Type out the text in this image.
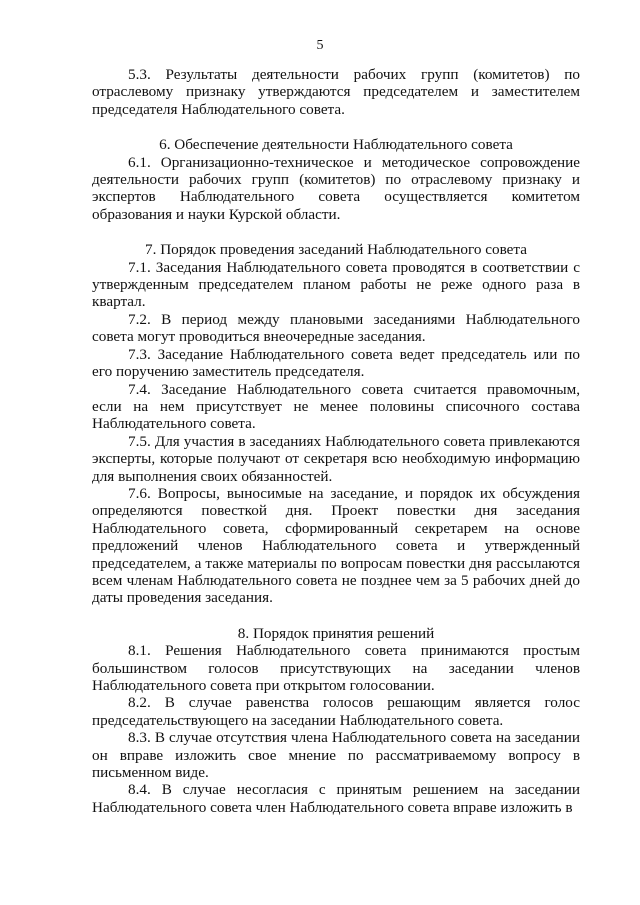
5

5.3. Результаты деятельности рабочих групп (комитетов) по отраслевому признаку утверждаются председателем и заместителем председателя Наблюдательного совета.

6. Обеспечение деятельности Наблюдательного совета

6.1. Организационно-техническое и методическое сопровождение деятельности рабочих групп (комитетов) по отраслевому признаку и экспертов Наблюдательного совета осуществляется комитетом образования и науки Курской области.

7. Порядок проведения заседаний Наблюдательного совета

7.1. Заседания Наблюдательного совета проводятся в соответствии с утвержденным председателем планом работы не реже одного раза в квартал.

7.2. В период между плановыми заседаниями Наблюдательного совета могут проводиться внеочередные заседания.

7.3. Заседание Наблюдательного совета ведет председатель или по его поручению заместитель председателя.

7.4. Заседание Наблюдательного совета считается правомочным, если на нем присутствует не менее половины списочного состава Наблюдательного совета.

7.5. Для участия в заседаниях Наблюдательного совета привлекаются эксперты, которые получают от секретаря всю необходимую информацию для выполнения своих обязанностей.

7.6. Вопросы, выносимые на заседание, и порядок их обсуждения определяются повесткой дня. Проект повестки дня заседания Наблюдательного совета, сформированный секретарем на основе предложений членов Наблюдательного совета и утвержденный председателем, а также материалы по вопросам повестки дня рассылаются всем членам Наблюдательного совета не позднее чем за 5 рабочих дней до даты проведения заседания.

8. Порядок принятия решений

8.1. Решения Наблюдательного совета принимаются простым большинством голосов присутствующих на заседании членов Наблюдательного совета при открытом голосовании.

8.2. В случае равенства голосов решающим является голос председательствующего на заседании Наблюдательного совета.

8.3. В случае отсутствия члена Наблюдательного совета на заседании он вправе изложить свое мнение по рассматриваемому вопросу в письменном виде.

8.4. В случае несогласия с принятым решением на заседании Наблюдательного совета член Наблюдательного совета вправе изложить в
